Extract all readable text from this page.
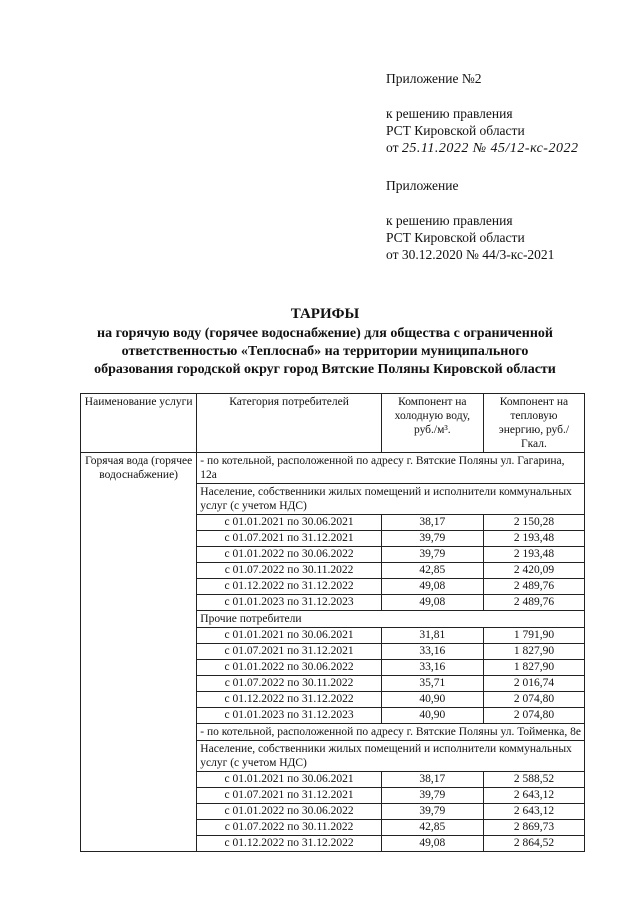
Приложение №2
к решению правления
РСТ Кировской области
от 25.11.2022 № 45/12-кс-2022
Приложение
к решению правления
РСТ Кировской области
от 30.12.2020 № 44/3-кс-2021
ТАРИФЫ
на горячую воду (горячее водоснабжение) для общества с ограниченной
ответственностью «Теплоснаб» на территории муниципального
образования городской округ город Вятские Поляны Кировской области
Наименование услуги	Категория потребителей	Компонент на холодную воду, руб./м³.	Компонент на тепловую энергию, руб./Гкал.
Горячая вода (горячее водоснабжение)	- по котельной, расположенной по адресу г. Вятские Поляны ул. Гагарина, 12а		
	Население, собственники жилых помещений и исполнители коммунальных услуг (с учетом НДС)		
	с 01.01.2021 по 30.06.2021	38,17	2 150,28
	с 01.07.2021 по 31.12.2021	39,79	2 193,48
	с 01.01.2022 по 30.06.2022	39,79	2 193,48
	с 01.07.2022 по 30.11.2022	42,85	2 420,09
	с 01.12.2022 по 31.12.2022	49,08	2 489,76
	с 01.01.2023 по 31.12.2023	49,08	2 489,76
	Прочие потребители		
	с 01.01.2021 по 30.06.2021	31,81	1 791,90
	с 01.07.2021 по 31.12.2021	33,16	1 827,90
	с 01.01.2022 по 30.06.2022	33,16	1 827,90
	с 01.07.2022 по 30.11.2022	35,71	2 016,74
	с 01.12.2022 по 31.12.2022	40,90	2 074,80
	с 01.01.2023 по 31.12.2023	40,90	2 074,80
	- по котельной, расположенной по адресу г. Вятские Поляны ул. Тойменка, 8е		
	Население, собственники жилых помещений и исполнители коммунальных услуг (с учетом НДС)		
	с 01.01.2021 по 30.06.2021	38,17	2 588,52
	с 01.07.2021 по 31.12.2021	39,79	2 643,12
	с 01.01.2022 по 30.06.2022	39,79	2 643,12
	с 01.07.2022 по 30.11.2022	42,85	2 869,73
	с 01.12.2022 по 31.12.2022	49,08	2 864,52
